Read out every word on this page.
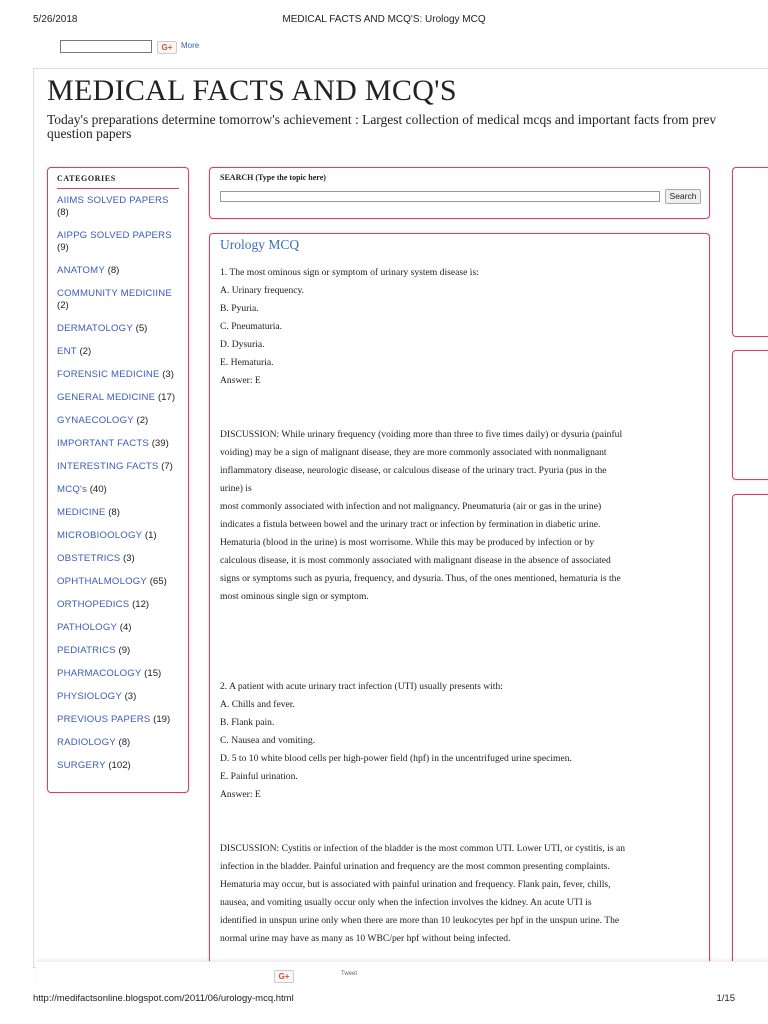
5/26/2018	MEDICAL FACTS AND MCQ'S: Urology MCQ
G+	More
MEDICAL FACTS AND MCQ'S
Today's preparations determine tomorrow's achievement : Largest collection of medical mcqs and important facts from prev
question papers
CATEGORIES
AIIMS SOLVED PAPERS (8)
AIPPG SOLVED PAPERS (9)
ANATOMY (8)
COMMUNITY MEDICIINE (2)
DERMATOLOGY (5)
ENT (2)
FORENSIC MEDICINE (3)
GENERAL MEDICINE (17)
GYNAECOLOGY (2)
IMPORTANT FACTS (39)
INTERESTING FACTS (7)
MCQ's (40)
MEDICINE (8)
MICROBIOOLOGY (1)
OBSTETRICS (3)
OPHTHALMOLOGY (65)
ORTHOPEDICS (12)
PATHOLOGY (4)
PEDIATRICS (9)
PHARMACOLOGY (15)
PHYSIOLOGY (3)
PREVIOUS PAPERS (19)
RADIOLOGY (8)
SURGERY (102)
SEARCH (Type the topic here)
Search
Urology MCQ

1. The most ominous sign or symptom of urinary system disease is:

A. Urinary frequency.

B. Pyuria.

C. Pneumaturia.

D. Dysuria.

E. Hematuria.

Answer: E

DISCUSSION: While urinary frequency (voiding more than three to five times daily) or dysuria (painful

voiding) may be a sign of malignant disease, they are more commonly associated with nonmalignant

inflammatory disease, neurologic disease, or calculous disease of the urinary tract. Pyuria (pus in the

urine) is

most commonly associated with infection and not malignancy. Pneumaturia (air or gas in the urine)

indicates a fistula between bowel and the urinary tract or infection by fermination in diabetic urine.

Hematuria (blood in the urine) is most worrisome. While this may be produced by infection or by

calculous disease, it is most commonly associated with malignant disease in the absence of associated

signs or symptoms such as pyuria, frequency, and dysuria. Thus, of the ones mentioned, hematuria is the

most ominous single sign or symptom.

2. A patient with acute urinary tract infection (UTI) usually presents with:

A. Chills and fever.

B. Flank pain.

C. Nausea and vomiting.

D. 5 to 10 white blood cells per high-power field (hpf) in the uncentrifuged urine specimen.

E. Painful urination.

Answer: E

DISCUSSION: Cystitis or infection of the bladder is the most common UTI. Lower UTI, or cystitis, is an

infection in the bladder. Painful urination and frequency are the most common presenting complaints.

Hematuria may occur, but is associated with painful urination and frequency. Flank pain, fever, chills,

nausea, and vomiting usually occur only when the infection involves the kidney. An acute UTI is

identified in unspun urine only when there are more than 10 leukocytes per hpf in the unspun urine. The

normal urine may have as many as 10 WBC/per hpf without being infected.

G+	Tweet
http://medifactsonline.blogspot.com/2011/06/urology-mcq.html	1/15
